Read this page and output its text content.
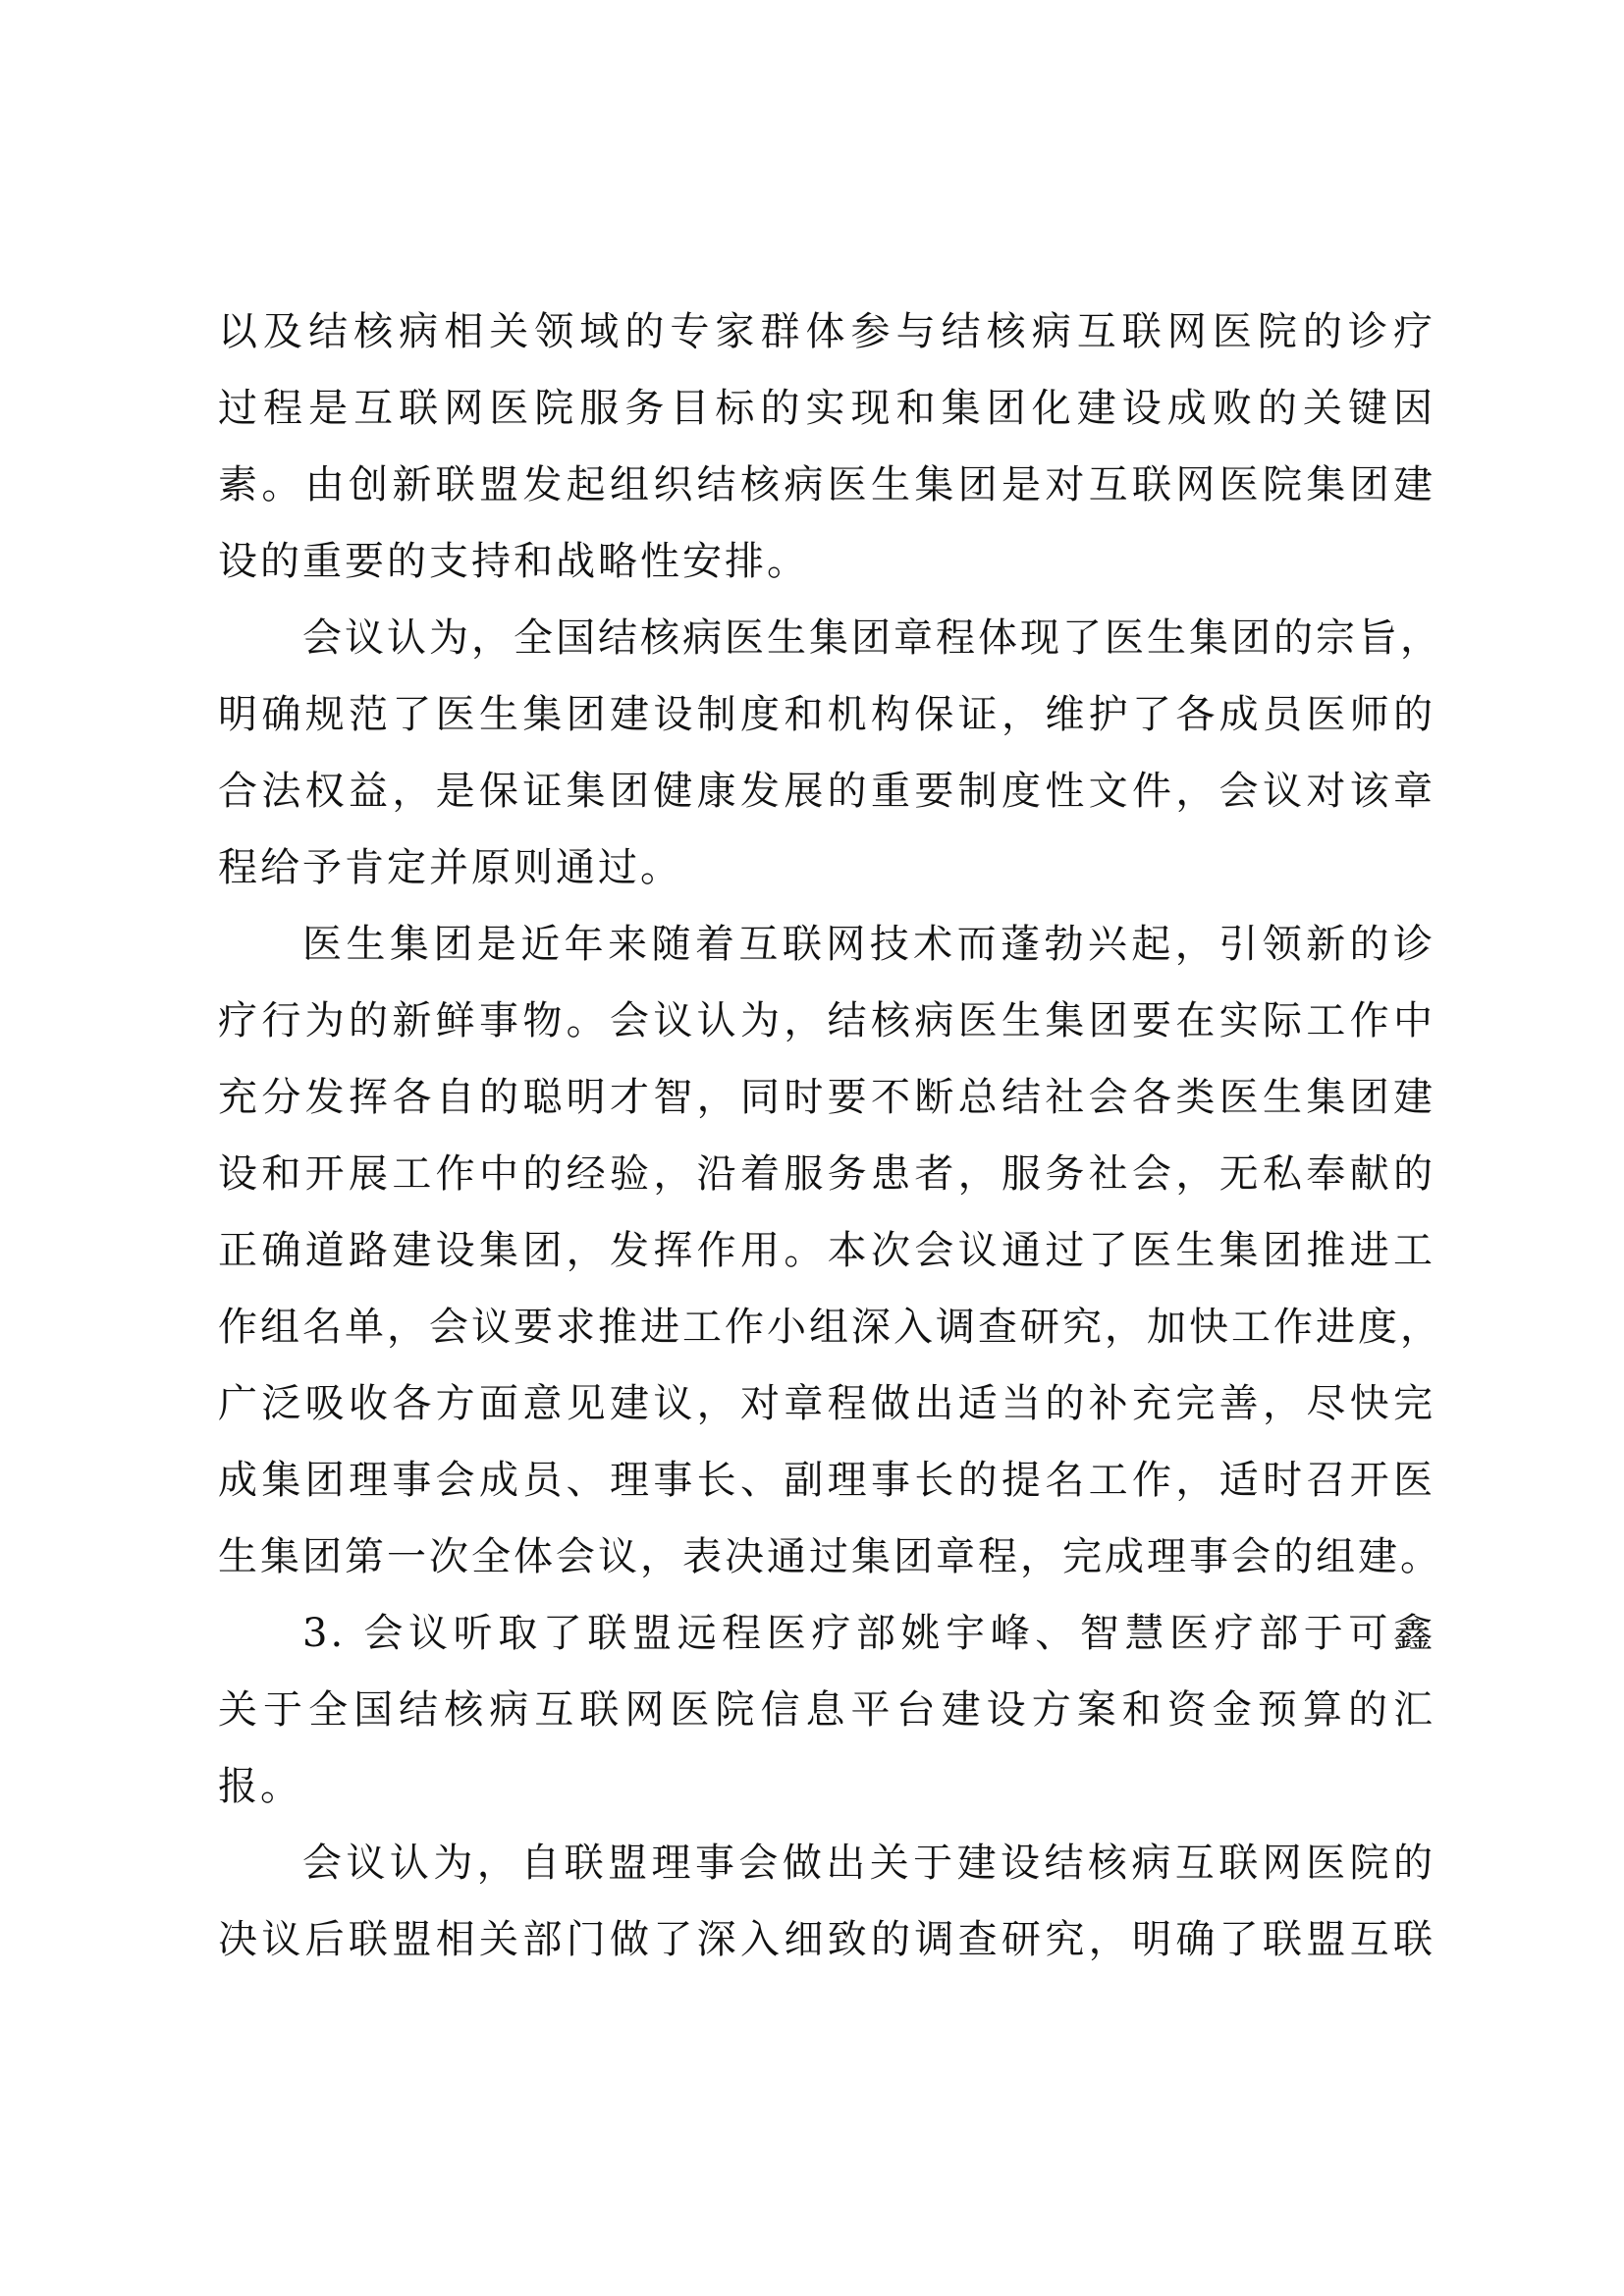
以及结核病相关领域的专家群体参与结核病互联网医院的诊疗
过程是互联网医院服务目标的实现和集团化建设成败的关键因
素。由创新联盟发起组织结核病医生集团是对互联网医院集团建
设的重要的支持和战略性安排。
会议认为，全国结核病医生集团章程体现了医生集团的宗旨，
明确规范了医生集团建设制度和机构保证，维护了各成员医师的
合法权益，是保证集团健康发展的重要制度性文件，会议对该章
程给予肯定并原则通过。
医生集团是近年来随着互联网技术而蓬勃兴起，引领新的诊
疗行为的新鲜事物。会议认为，结核病医生集团要在实际工作中
充分发挥各自的聪明才智，同时要不断总结社会各类医生集团建
设和开展工作中的经验，沿着服务患者，服务社会，无私奉献的
正确道路建设集团，发挥作用。本次会议通过了医生集团推进工
作组名单，会议要求推进工作小组深入调查研究，加快工作进度，
广泛吸收各方面意见建议，对章程做出适当的补充完善，尽快完
成集团理事会成员、理事长、副理事长的提名工作，适时召开医
生集团第一次全体会议，表决通过集团章程，完成理事会的组建。
3. 会议听取了联盟远程医疗部姚宇峰、智慧医疗部于可鑫
关于全国结核病互联网医院信息平台建设方案和资金预算的汇
报。
会议认为，自联盟理事会做出关于建设结核病互联网医院的
决议后联盟相关部门做了深入细致的调查研究，明确了联盟互联
